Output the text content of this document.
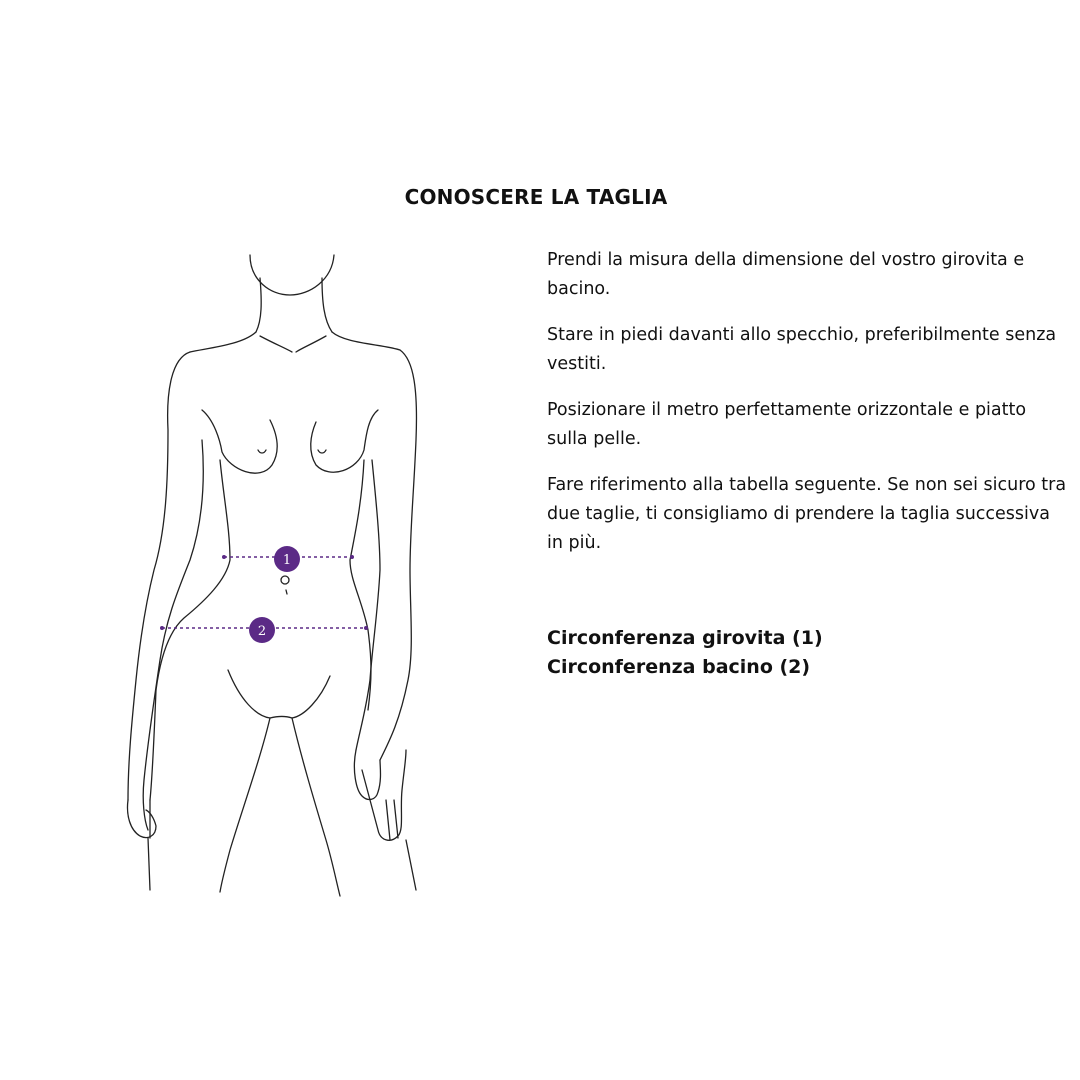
CONOSCERE LA TAGLIA
1
2

Prendi la misura della dimensione del vostro girovita e bacino.

Stare in piedi davanti allo specchio, preferibilmente senza vestiti.

Posizionare il metro perfettamente orizzontale e piatto sulla pelle.

Fare riferimento alla tabella seguente. Se non sei sicuro tra due taglie, ti consigliamo di prendere la taglia successiva in più.

Circonferenza girovita (1)
Circonferenza bacino (2)
